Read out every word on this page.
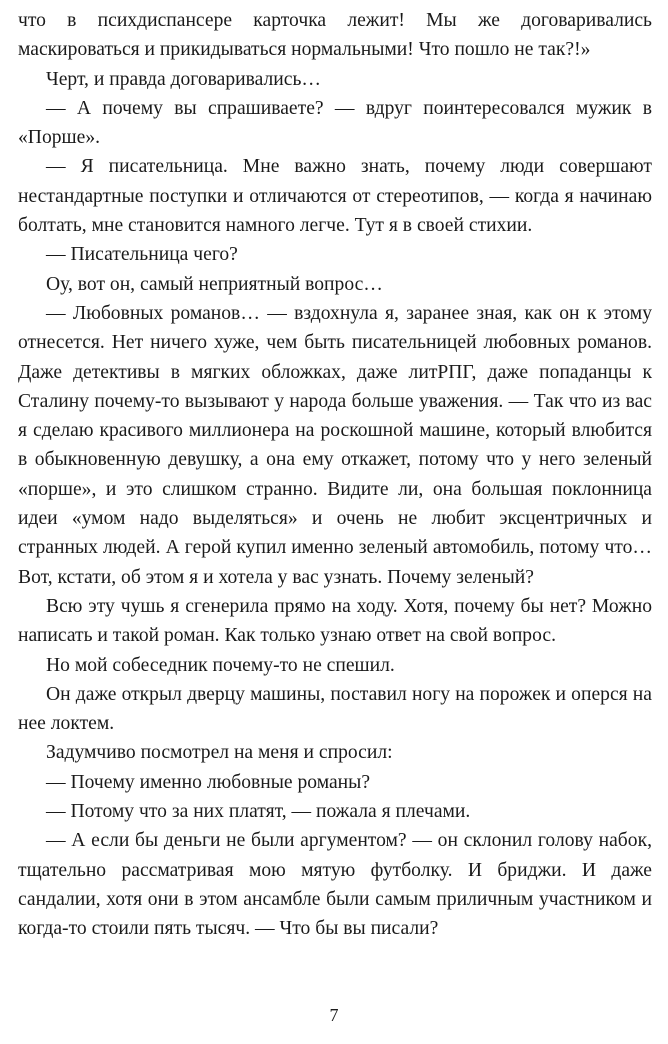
что в психдиспансере карточка лежит! Мы же договаривались маскироваться и прикидываться нормальными! Что пошло не так?!»

Черт, и правда договаривались…

— А почему вы спрашиваете? — вдруг поинтересовался мужик в «Порше».

— Я писательница. Мне важно знать, почему люди совершают нестандартные поступки и отличаются от стереотипов, — когда я начинаю болтать, мне становится намного легче. Тут я в своей стихии.

— Писательница чего?

Оу, вот он, самый неприятный вопрос…

— Любовных романов… — вздохнула я, заранее зная, как он к этому отнесется. Нет ничего хуже, чем быть писательницей любовных романов. Даже детективы в мягких обложках, даже литРПГ, даже попаданцы к Сталину почему-то вызывают у народа больше уважения. — Так что из вас я сделаю красивого миллионера на роскошной машине, который влюбится в обыкновенную девушку, а она ему откажет, потому что у него зеленый «порше», и это слишком странно. Видите ли, она большая поклонница идеи «умом надо выделяться» и очень не любит эксцентричных и странных людей. А герой купил именно зеленый автомобиль, потому что… Вот, кстати, об этом я и хотела у вас узнать. Почему зеленый?

Всю эту чушь я сгенерила прямо на ходу. Хотя, почему бы нет? Можно написать и такой роман. Как только узнаю ответ на свой вопрос.

Но мой собеседник почему-то не спешил.

Он даже открыл дверцу машины, поставил ногу на порожек и оперся на нее локтем.

Задумчиво посмотрел на меня и спросил:

— Почему именно любовные романы?

— Потому что за них платят, — пожала я плечами.

— А если бы деньги не были аргументом? — он склонил голову набок, тщательно рассматривая мою мятую футболку. И бриджи. И даже сандалии, хотя они в этом ансамбле были самым приличным участником и когда-то стоили пять тысяч. — Что бы вы писали?

7
